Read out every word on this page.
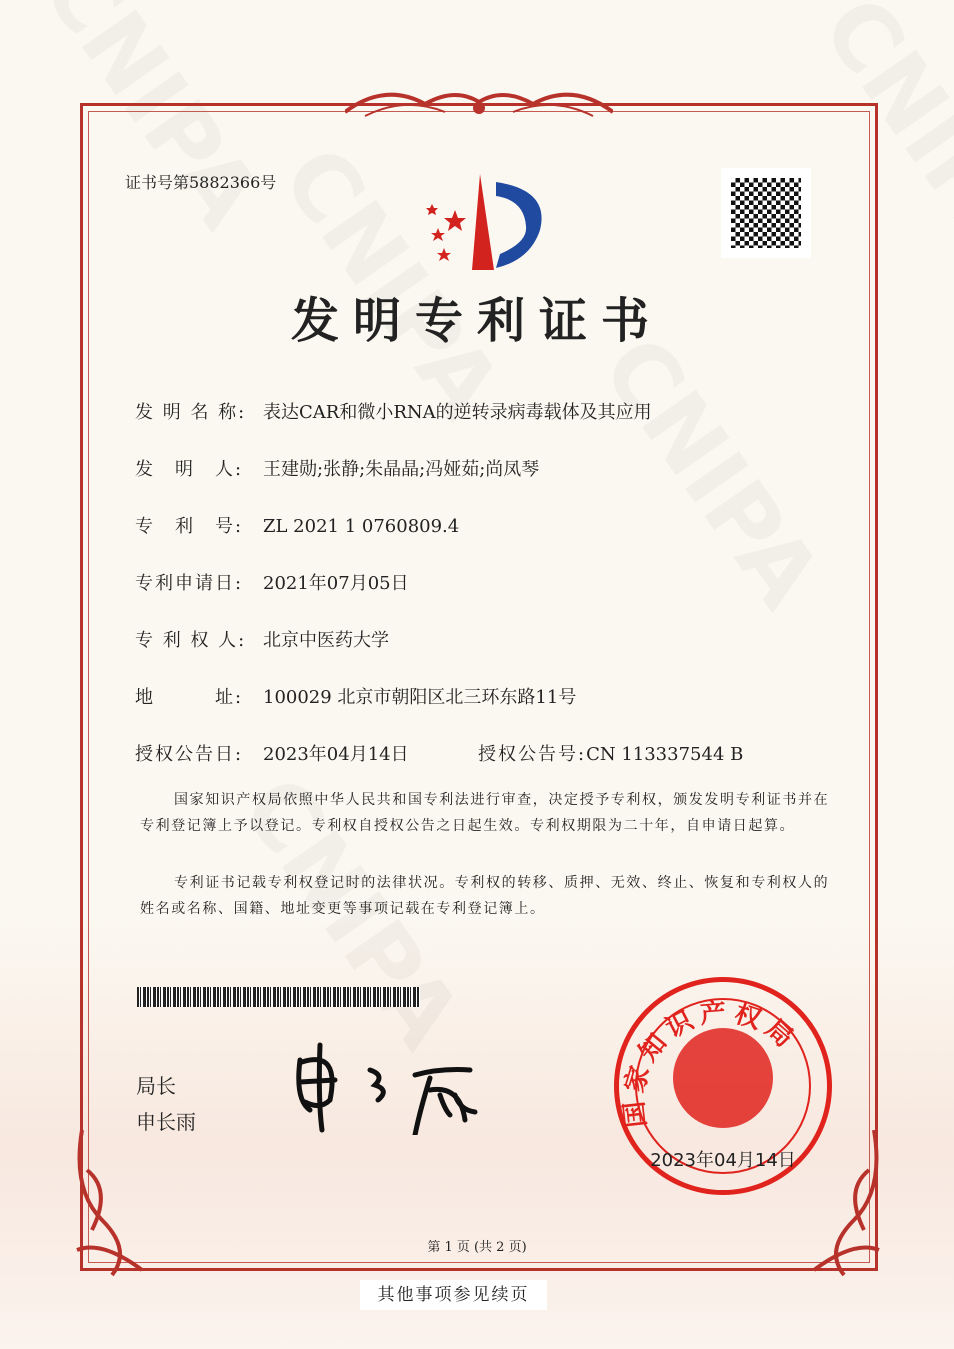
证书号第5882366号
发明专利证书
发 明 名 称: 表达CAR和微小RNA的逆转录病毒载体及其应用
发　明　人: 王建勋;张静;朱晶晶;冯娅茹;尚凤琴
专　利　号: ZL 2021 1 0760809.4
专利申请日: 2021年07月05日
专 利 权 人: 北京中医药大学
地　　　址: 100029 北京市朝阳区北三环东路11号
授权公告日: 2023年04月14日	授权公告号:CN 113337544 B

国家知识产权局依照中华人民共和国专利法进行审查，决定授予专利权，颁发发明专利证书并在专利登记簿上予以登记。专利权自授权公告之日起生效。专利权期限为二十年，自申请日起算。

专利证书记载专利权登记时的法律状况。专利权的转移、质押、无效、终止、恢复和专利权人的姓名或名称、国籍、地址变更等事项记载在专利登记簿上。

局长
申长雨	国家知识产权局
2023年04月14日
第 1 页 (共 2 页)
其他事项参见续页
